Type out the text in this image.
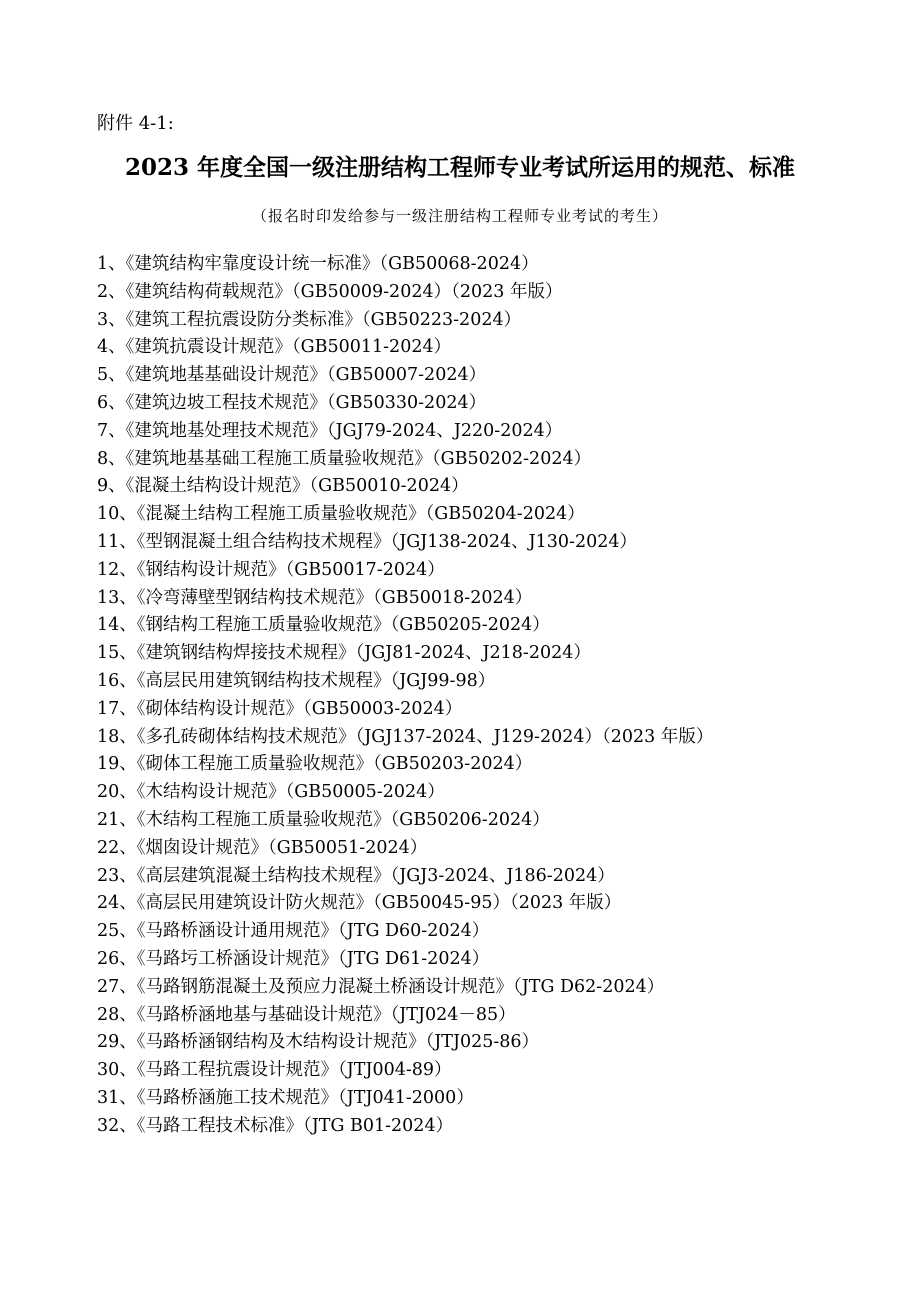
附件 4-1:
2023 年度全国一级注册结构工程师专业考试所运用的规范、标准
（报名时印发给参与一级注册结构工程师专业考试的考生）
1、《建筑结构牢靠度设计统一标准》（GB50068-2024）
2、《建筑结构荷载规范》（GB50009-2024）（2023 年版）
3、《建筑工程抗震设防分类标准》（GB50223-2024）
4、《建筑抗震设计规范》（GB50011-2024）
5、《建筑地基基础设计规范》（GB50007-2024）
6、《建筑边坡工程技术规范》（GB50330-2024）
7、《建筑地基处理技术规范》（JGJ79-2024、J220-2024）
8、《建筑地基基础工程施工质量验收规范》（GB50202-2024）
9、《混凝土结构设计规范》（GB50010-2024）
10、《混凝土结构工程施工质量验收规范》（GB50204-2024）
11、《型钢混凝土组合结构技术规程》（JGJ138-2024、J130-2024）
12、《钢结构设计规范》（GB50017-2024）
13、《冷弯薄壁型钢结构技术规范》（GB50018-2024）
14、《钢结构工程施工质量验收规范》（GB50205-2024）
15、《建筑钢结构焊接技术规程》（JGJ81-2024、J218-2024）
16、《高层民用建筑钢结构技术规程》（JGJ99-98）
17、《砌体结构设计规范》（GB50003-2024）
18、《多孔砖砌体结构技术规范》（JGJ137-2024、J129-2024）（2023 年版）
19、《砌体工程施工质量验收规范》（GB50203-2024）
20、《木结构设计规范》（GB50005-2024）
21、《木结构工程施工质量验收规范》（GB50206-2024）
22、《烟囱设计规范》（GB50051-2024）
23、《高层建筑混凝土结构技术规程》（JGJ3-2024、J186-2024）
24、《高层民用建筑设计防火规范》（GB50045-95）（2023 年版）
25、《马路桥涵设计通用规范》（JTG D60-2024）
26、《马路圬工桥涵设计规范》（JTG D61-2024）
27、《马路钢筋混凝土及预应力混凝土桥涵设计规范》（JTG D62-2024）
28、《马路桥涵地基与基础设计规范》（JTJ024－85）
29、《马路桥涵钢结构及木结构设计规范》（JTJ025-86）
30、《马路工程抗震设计规范》（JTJ004-89）
31、《马路桥涵施工技术规范》（JTJ041-2000）
32、《马路工程技术标准》（JTG B01-2024）
